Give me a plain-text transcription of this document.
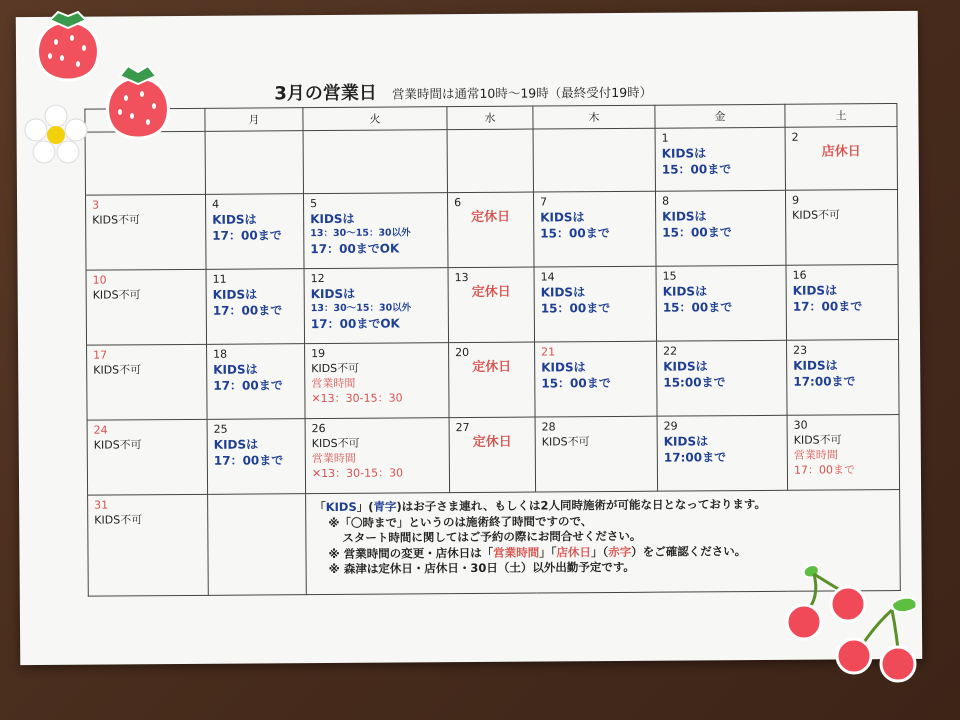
3月の営業日 営業時間は通常10時～19時（最終受付19時）
	月	火	水	木	金	土

					1
KIDSは
15：00まで	2
店休日

3
KIDS不可	4
KIDSは
17：00まで	5
KIDSは
13：30～15：30以外
17：00までOK	6
定休日	7
KIDSは
15：00まで	8
KIDSは
15：00まで	9
KIDS不可

10
KIDS不可	11
KIDSは
17：00まで	12
KIDSは
13：30～15：30以外
17：00までOK	13
定休日	14
KIDSは
15：00まで	15
KIDSは
15：00まで	16
KIDSは
17：00まで

17
KIDS不可	18
KIDSは
17：00まで	19
KIDS不可
営業時間
✕13：30-15：30	20
定休日	21
KIDSは
15：00まで	22
KIDSは
15:00まで	23
KIDSは
17:00まで

24
KIDS不可	25
KIDSは
17：00まで	26
KIDS不可
営業時間
✕13：30-15：30	27
定休日	28
KIDS不可	29
KIDSは
17:00まで	30
KIDS不可
営業時間
17：00まで

31
KIDS不可		「KIDS」(青字)はお子さま連れ、もしくは2人同時施術が可能な日となっております。
※「〇時まで」というのは施術終了時間ですので、
スタート時間に関してはご予約の際にお問合せください。
※ 営業時間の変更・店休日は「営業時間」「店休日」（赤字）をご確認ください。
※ 森津は定休日・店休日・30日（土）以外出勤予定です。				
